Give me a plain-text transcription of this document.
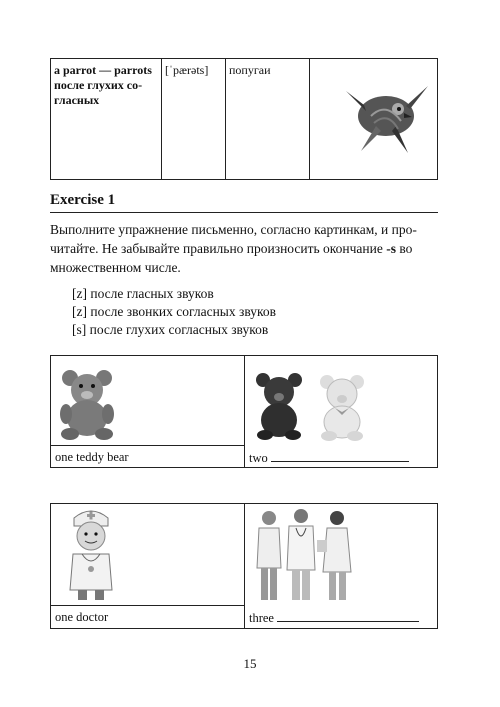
a parrot — parrots
после глухих со-
гласных
[ˈpærəts]	попугаи
Exercise 1
Выполните упражнение письменно, согласно картинкам, и про-
читайте. Не забывайте правильно произносить окончание -s во
множественном числе.
[z] после гласных звуков
[z] после звонких согласных звуков
[s] после глухих согласных звуков
one teddy bear	two
one doctor	three
15
